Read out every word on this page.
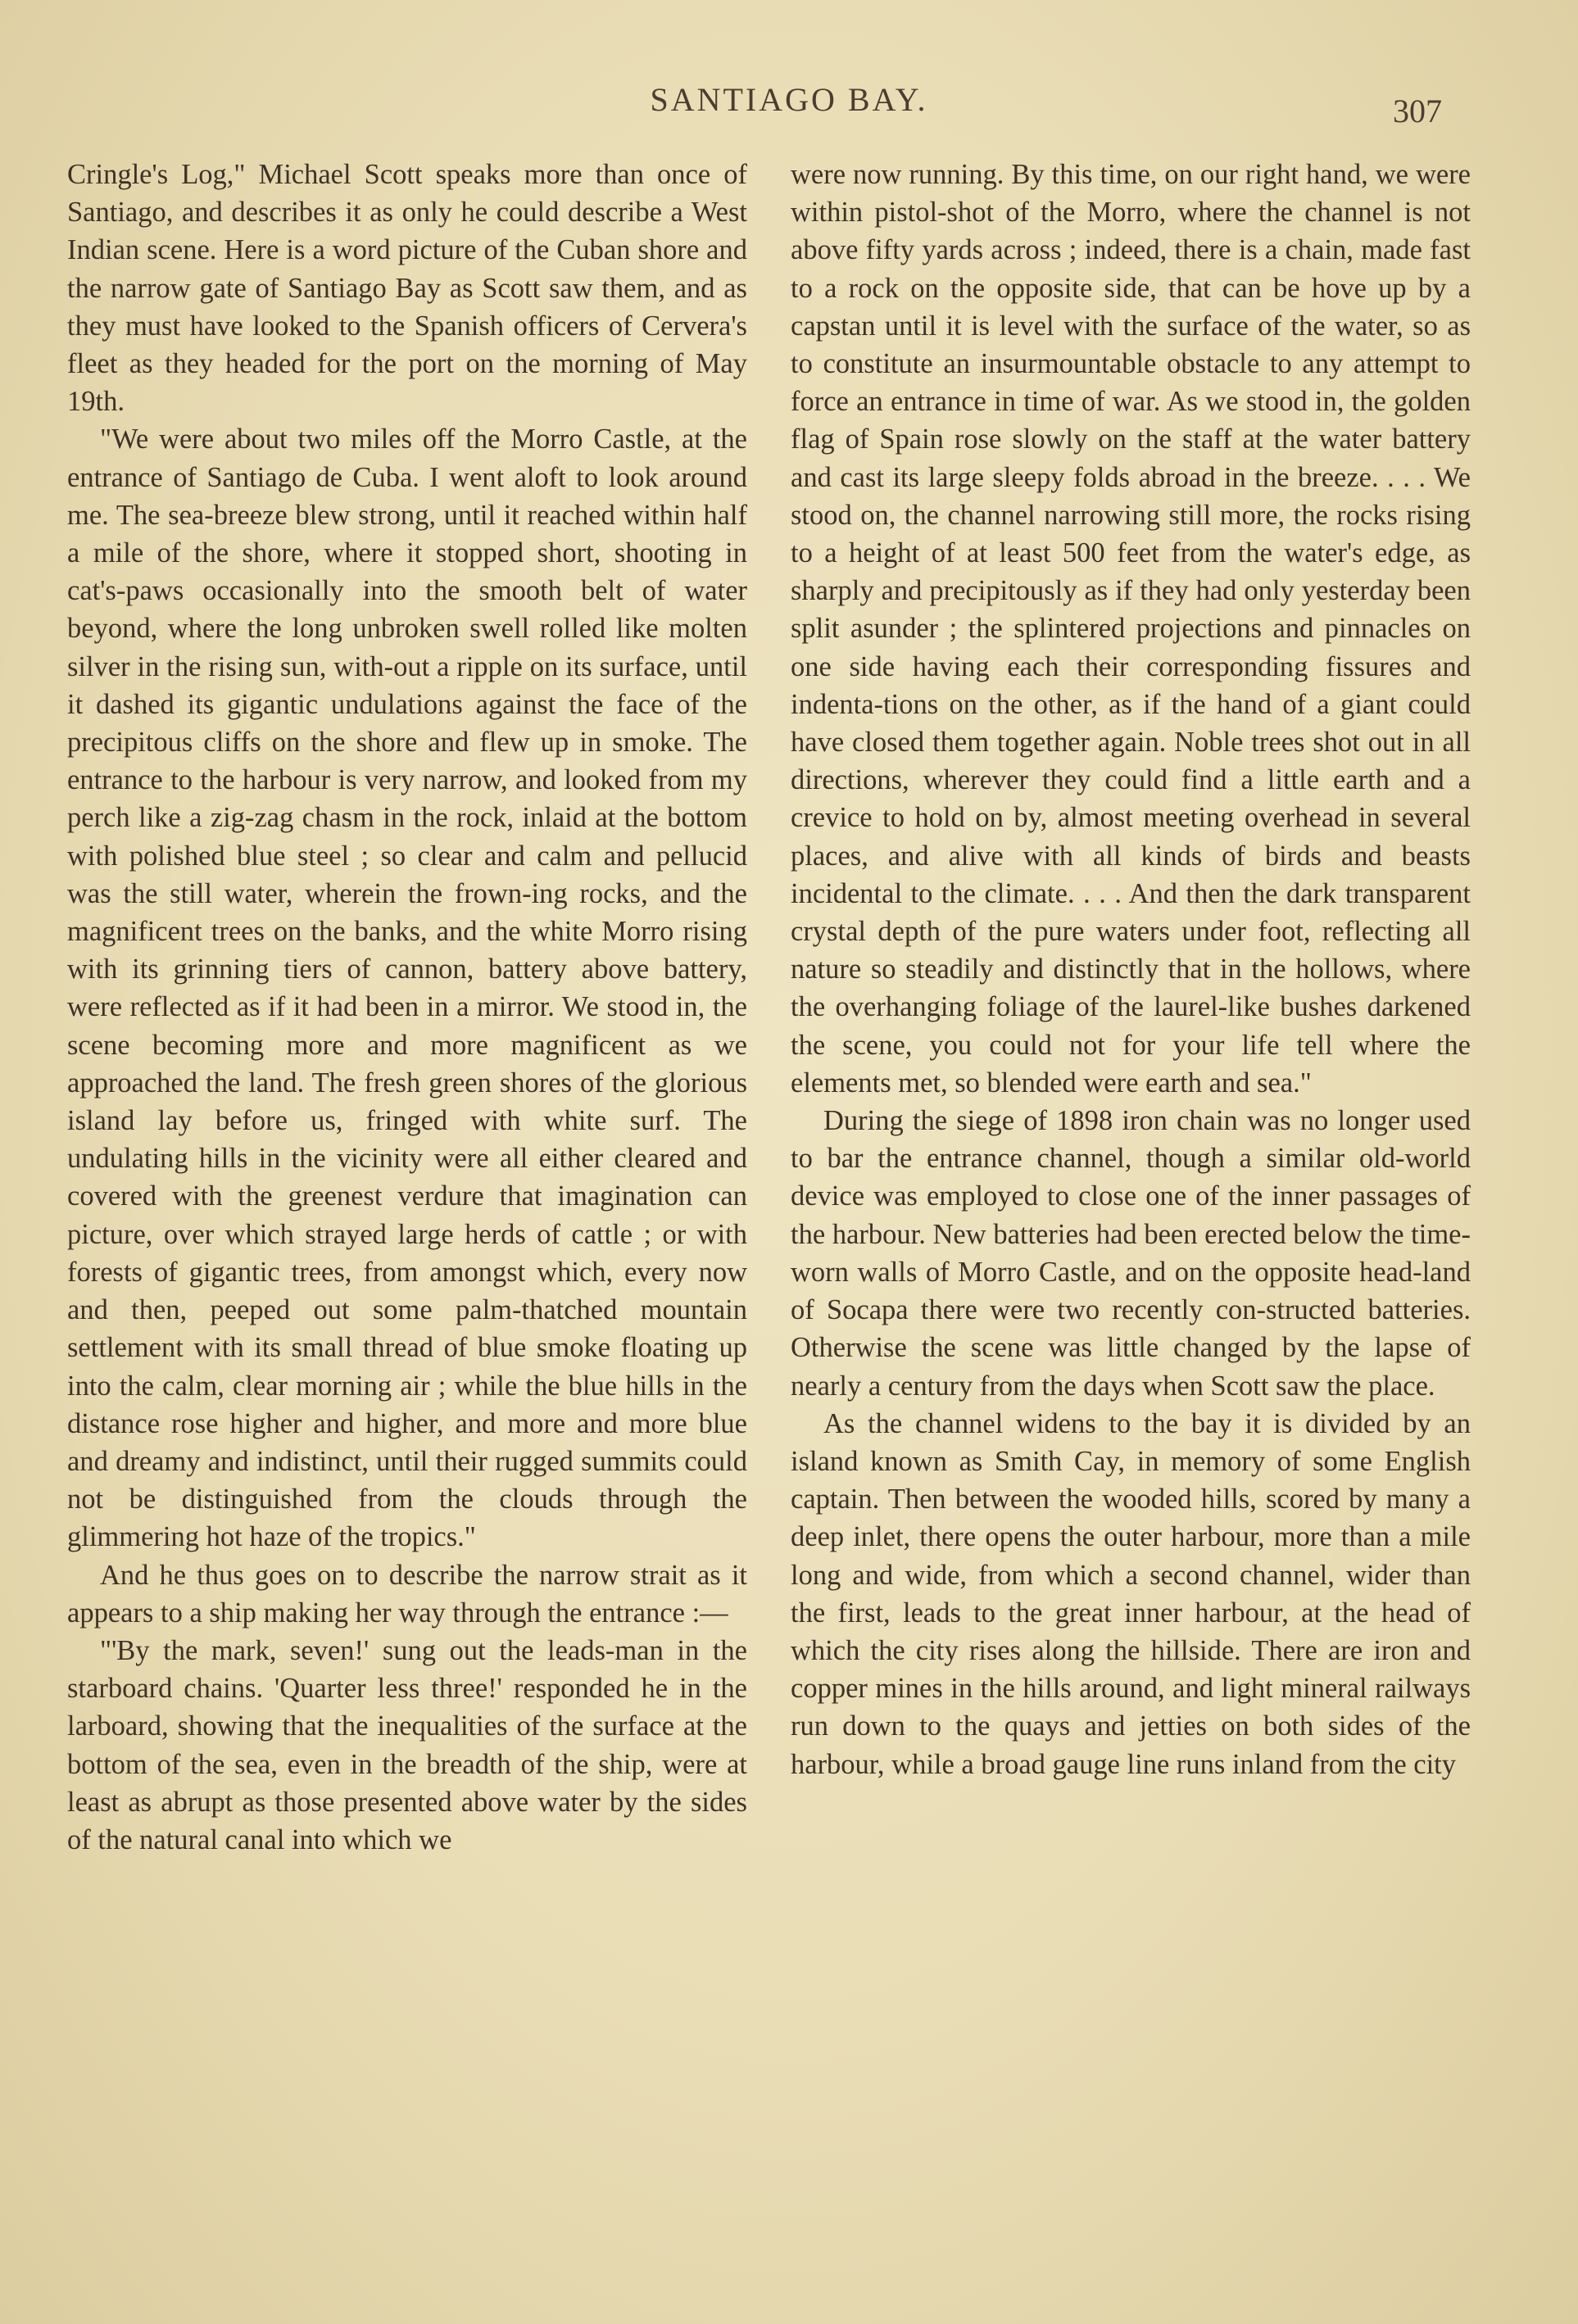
SANTIAGO BAY.	307

Cringle's Log," Michael Scott speaks more than once of Santiago, and describes it as only he could describe a West Indian scene. Here is a word picture of the Cuban shore and the narrow gate of Santiago Bay as Scott saw them, and as they must have looked to the Spanish officers of Cervera's fleet as they headed for the port on the morning of May 19th.

"We were about two miles off the Morro Castle, at the entrance of Santiago de Cuba. I went aloft to look around me. The sea-breeze blew strong, until it reached within half a mile of the shore, where it stopped short, shooting in cat's-paws occasionally into the smooth belt of water beyond, where the long unbroken swell rolled like molten silver in the rising sun, with-out a ripple on its surface, until it dashed its gigantic undulations against the face of the precipitous cliffs on the shore and flew up in smoke. The entrance to the harbour is very narrow, and looked from my perch like a zig-zag chasm in the rock, inlaid at the bottom with polished blue steel ; so clear and calm and pellucid was the still water, wherein the frown-ing rocks, and the magnificent trees on the banks, and the white Morro rising with its grinning tiers of cannon, battery above battery, were reflected as if it had been in a mirror. We stood in, the scene becoming more and more magnificent as we approached the land. The fresh green shores of the glorious island lay before us, fringed with white surf. The undulating hills in the vicinity were all either cleared and covered with the greenest verdure that imagination can picture, over which strayed large herds of cattle ; or with forests of gigantic trees, from amongst which, every now and then, peeped out some palm-thatched mountain settlement with its small thread of blue smoke floating up into the calm, clear morning air ; while the blue hills in the distance rose higher and higher, and more and more blue and dreamy and indistinct, until their rugged summits could not be distinguished from the clouds through the glimmering hot haze of the tropics."

And he thus goes on to describe the narrow strait as it appears to a ship making her way through the entrance :—

"'By the mark, seven!' sung out the leads-man in the starboard chains. 'Quarter less three!' responded he in the larboard, showing that the inequalities of the surface at the bottom of the sea, even in the breadth of the ship, were at least as abrupt as those presented above water by the sides of the natural canal into which we

were now running. By this time, on our right hand, we were within pistol-shot of the Morro, where the channel is not above fifty yards across ; indeed, there is a chain, made fast to a rock on the opposite side, that can be hove up by a capstan until it is level with the surface of the water, so as to constitute an insurmountable obstacle to any attempt to force an entrance in time of war. As we stood in, the golden flag of Spain rose slowly on the staff at the water battery and cast its large sleepy folds abroad in the breeze. . . . We stood on, the channel narrowing still more, the rocks rising to a height of at least 500 feet from the water's edge, as sharply and precipitously as if they had only yesterday been split asunder ; the splintered projections and pinnacles on one side having each their corresponding fissures and indenta-tions on the other, as if the hand of a giant could have closed them together again. Noble trees shot out in all directions, wherever they could find a little earth and a crevice to hold on by, almost meeting overhead in several places, and alive with all kinds of birds and beasts incidental to the climate. . . . And then the dark transparent crystal depth of the pure waters under foot, reflecting all nature so steadily and distinctly that in the hollows, where the overhanging foliage of the laurel-like bushes darkened the scene, you could not for your life tell where the elements met, so blended were earth and sea."

During the siege of 1898 iron chain was no longer used to bar the entrance channel, though a similar old-world device was employed to close one of the inner passages of the harbour. New batteries had been erected below the time-worn walls of Morro Castle, and on the opposite head-land of Socapa there were two recently con-structed batteries. Otherwise the scene was little changed by the lapse of nearly a century from the days when Scott saw the place.

As the channel widens to the bay it is divided by an island known as Smith Cay, in memory of some English captain. Then between the wooded hills, scored by many a deep inlet, there opens the outer harbour, more than a mile long and wide, from which a second channel, wider than the first, leads to the great inner harbour, at the head of which the city rises along the hillside. There are iron and copper mines in the hills around, and light mineral railways run down to the quays and jetties on both sides of the harbour, while a broad gauge line runs inland from the city
